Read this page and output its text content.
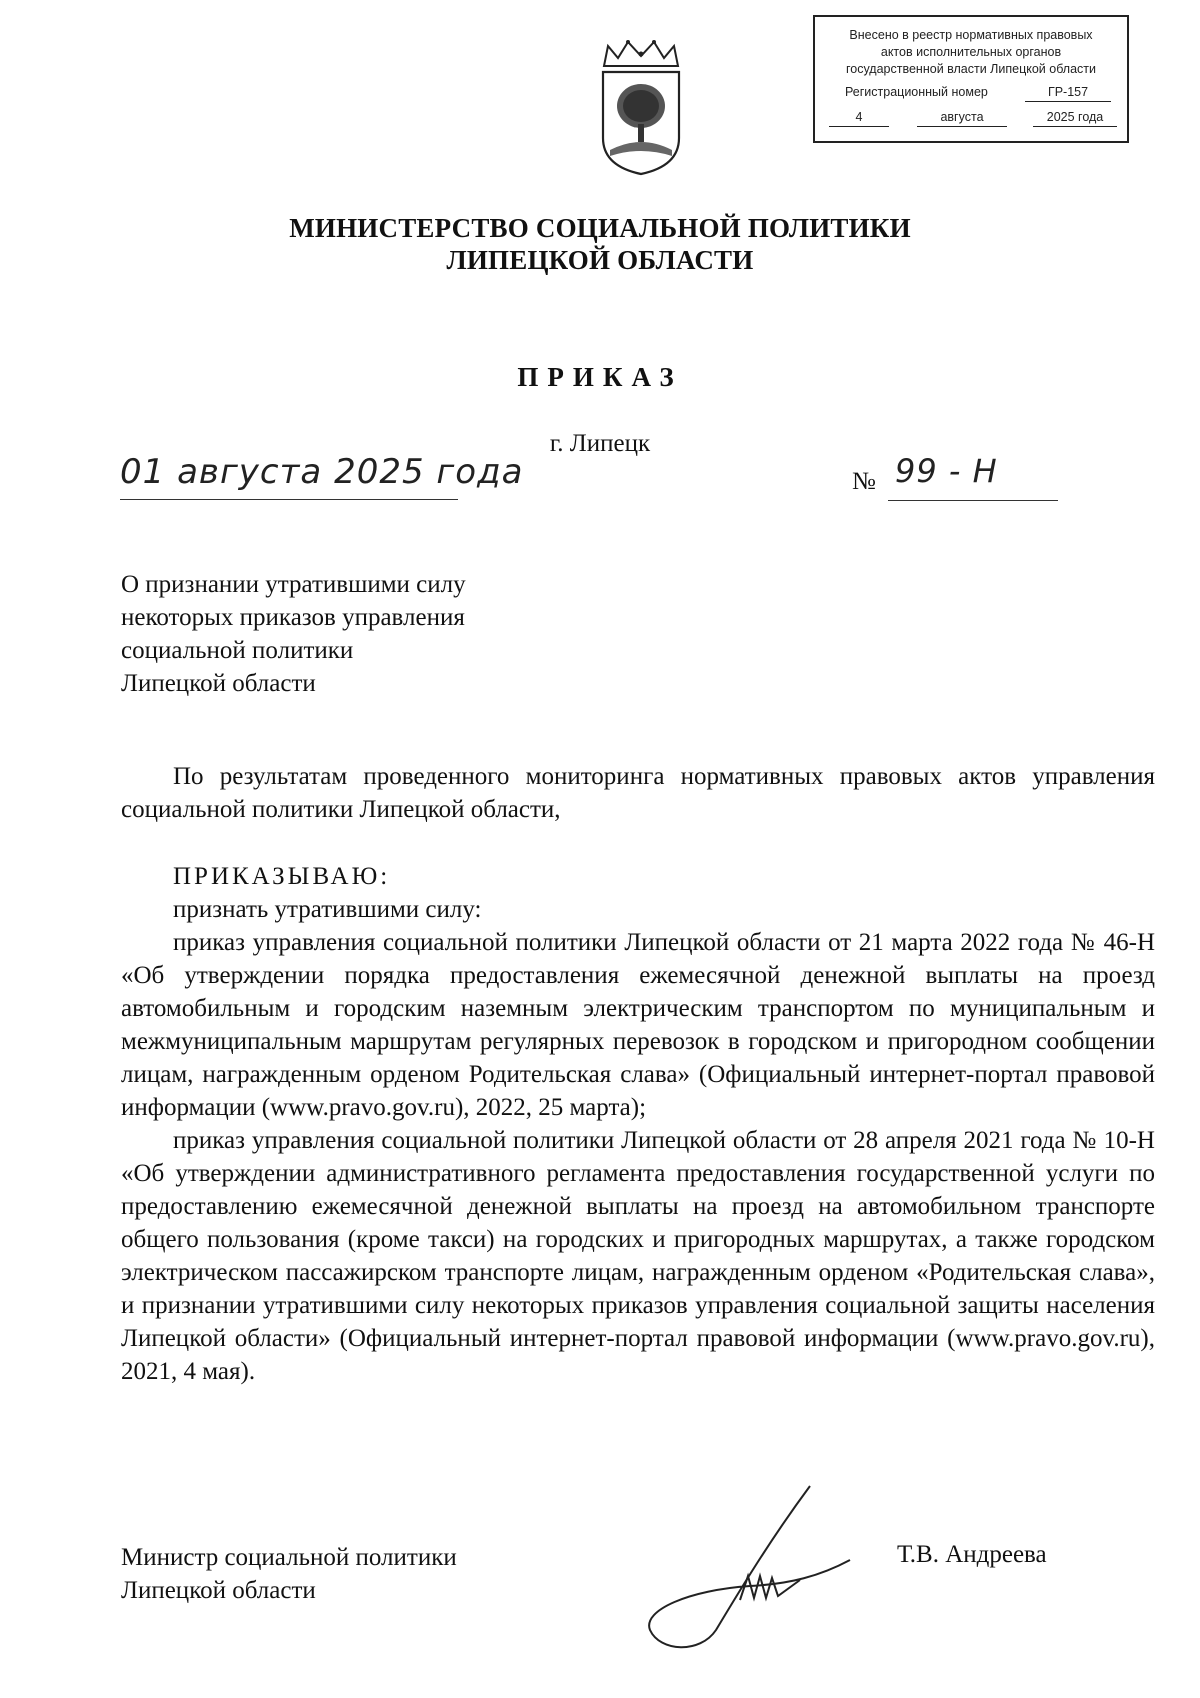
Внесено в реестр нормативных правовых
актов исполнительных органов
государственной власти Липецкой области
Регистрационный номер	ГР-157
4	августа	2025 года
МИНИСТЕРСТВО СОЦИАЛЬНОЙ ПОЛИТИКИ
ЛИПЕЦКОЙ ОБЛАСТИ
ПРИКАЗ
г. Липецк
01 августа 2025 года	№ 99 - Н
О признании утратившими силу
некоторых приказов управления
социальной политики
Липецкой области

По результатам проведенного мониторинга нормативных правовых актов управления социальной политики Липецкой области,

ПРИКАЗЫВАЮ:

признать утратившими силу:

приказ управления социальной политики Липецкой области от 21 марта 2022 года № 46-Н «Об утверждении порядка предоставления ежемесячной денежной выплаты на проезд автомобильным и городским наземным электрическим транспортом по муниципальным и межмуниципальным маршрутам регулярных перевозок в городском и пригородном сообщении лицам, награжденным орденом Родительская слава» (Официальный интернет-портал правовой информации (www.pravo.gov.ru), 2022, 25 марта);

приказ управления социальной политики Липецкой области от 28 апреля 2021 года № 10-Н «Об утверждении административного регламента предоставления государственной услуги по предоставлению ежемесячной денежной выплаты на проезд на автомобильном транспорте общего пользования (кроме такси) на городских и пригородных маршрутах, а также городском электрическом пассажирском транспорте лицам, награжденным орденом «Родительская слава», и признании утратившими силу некоторых приказов управления социальной защиты населения Липецкой области» (Официальный интернет-портал правовой информации (www.pravo.gov.ru), 2021, 4 мая).

Министр социальной политики
Липецкой области
Т.В. Андреева
